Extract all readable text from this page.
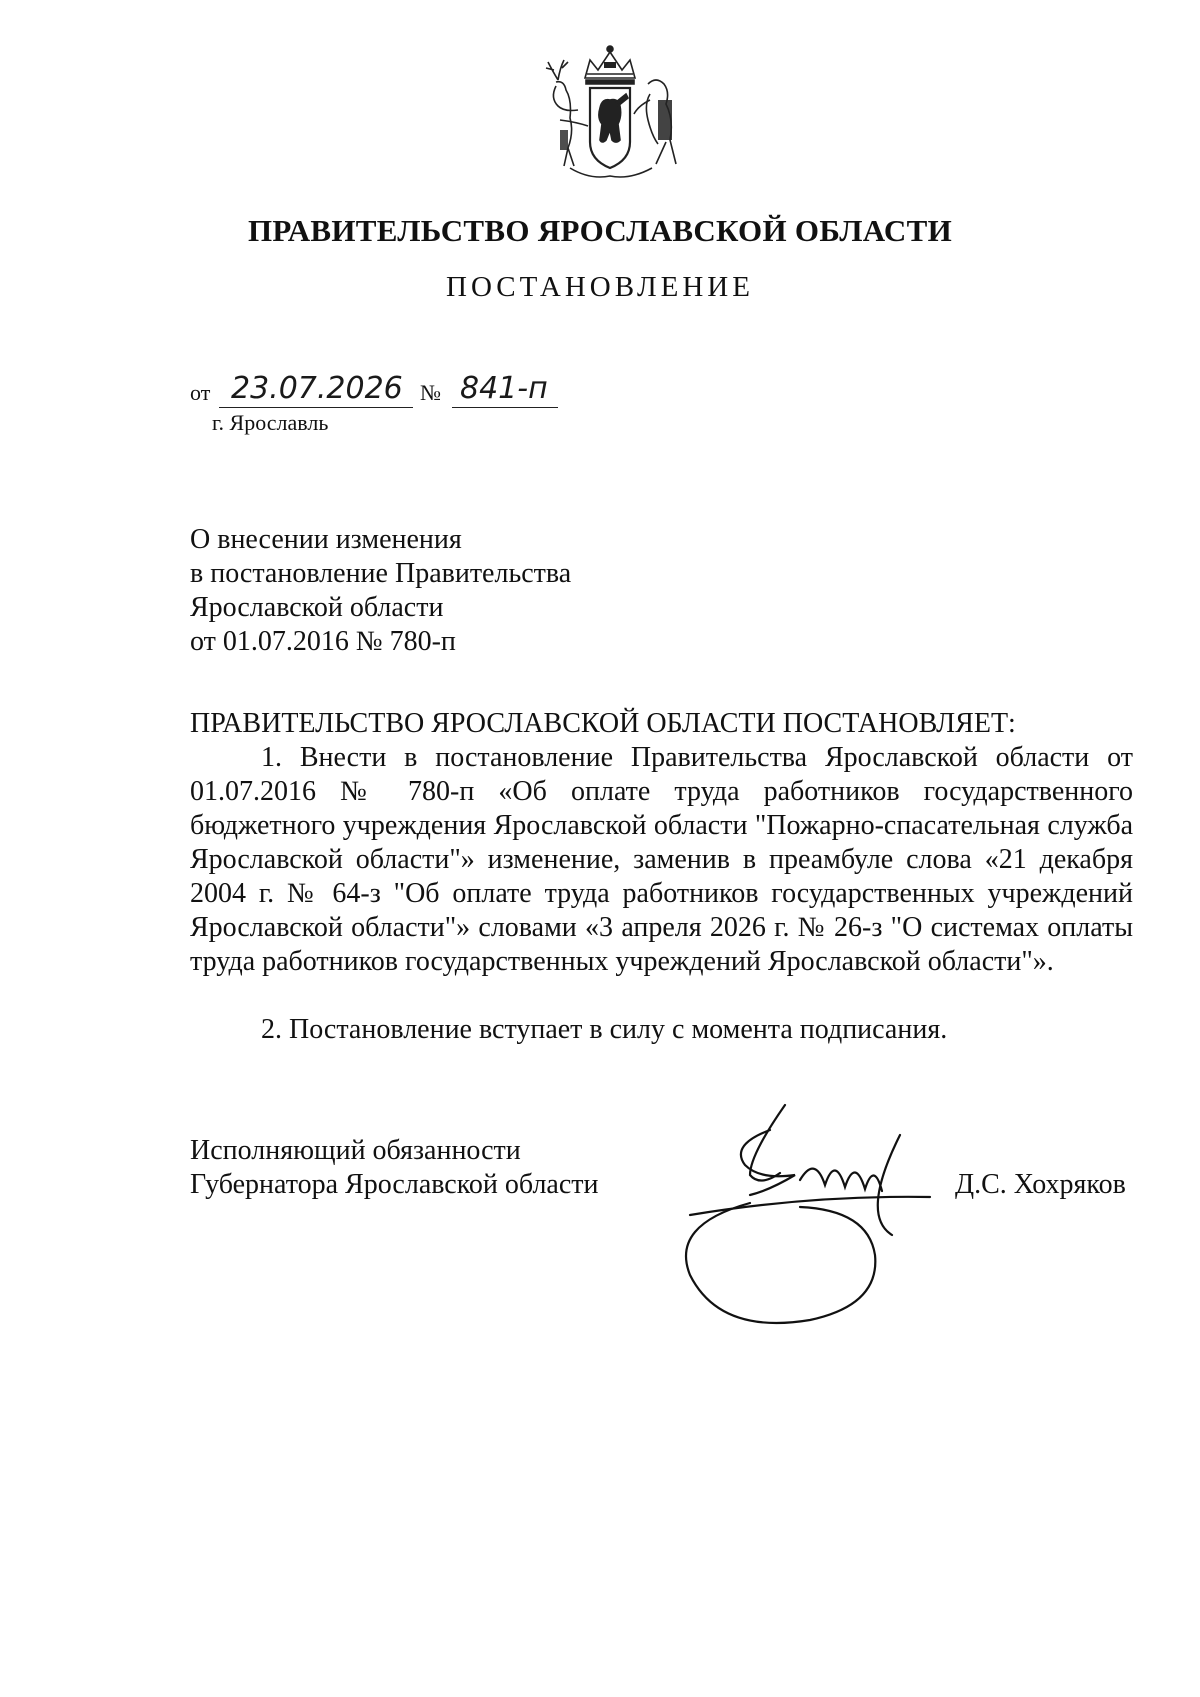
ПРАВИТЕЛЬСТВО ЯРОСЛАВСКОЙ ОБЛАСТИ
ПОСТАНОВЛЕНИЕ
от 23.07.2026 № 841-п
г. Ярославль
О внесении изменения
в постановление Правительства
Ярославской области
от 01.07.2016 № 780-п
ПРАВИТЕЛЬСТВО ЯРОСЛАВСКОЙ ОБЛАСТИ ПОСТАНОВЛЯЕТ:
1. Внести в постановление Правительства Ярославской области от 01.07.2016 № 780-п «Об оплате труда работников государственного бюджетного учреждения Ярославской области "Пожарно-спасательная служба Ярославской области"» изменение, заменив в преамбуле слова «21 декабря 2004 г. № 64-з "Об оплате труда работников государственных учреждений Ярославской области"» словами «3 апреля 2026 г. № 26-з "О системах оплаты труда работников государственных учреждений Ярославской области"».
2. Постановление вступает в силу с момента подписания.
Исполняющий обязанности
Губернатора Ярославской области	Д.С. Хохряков
